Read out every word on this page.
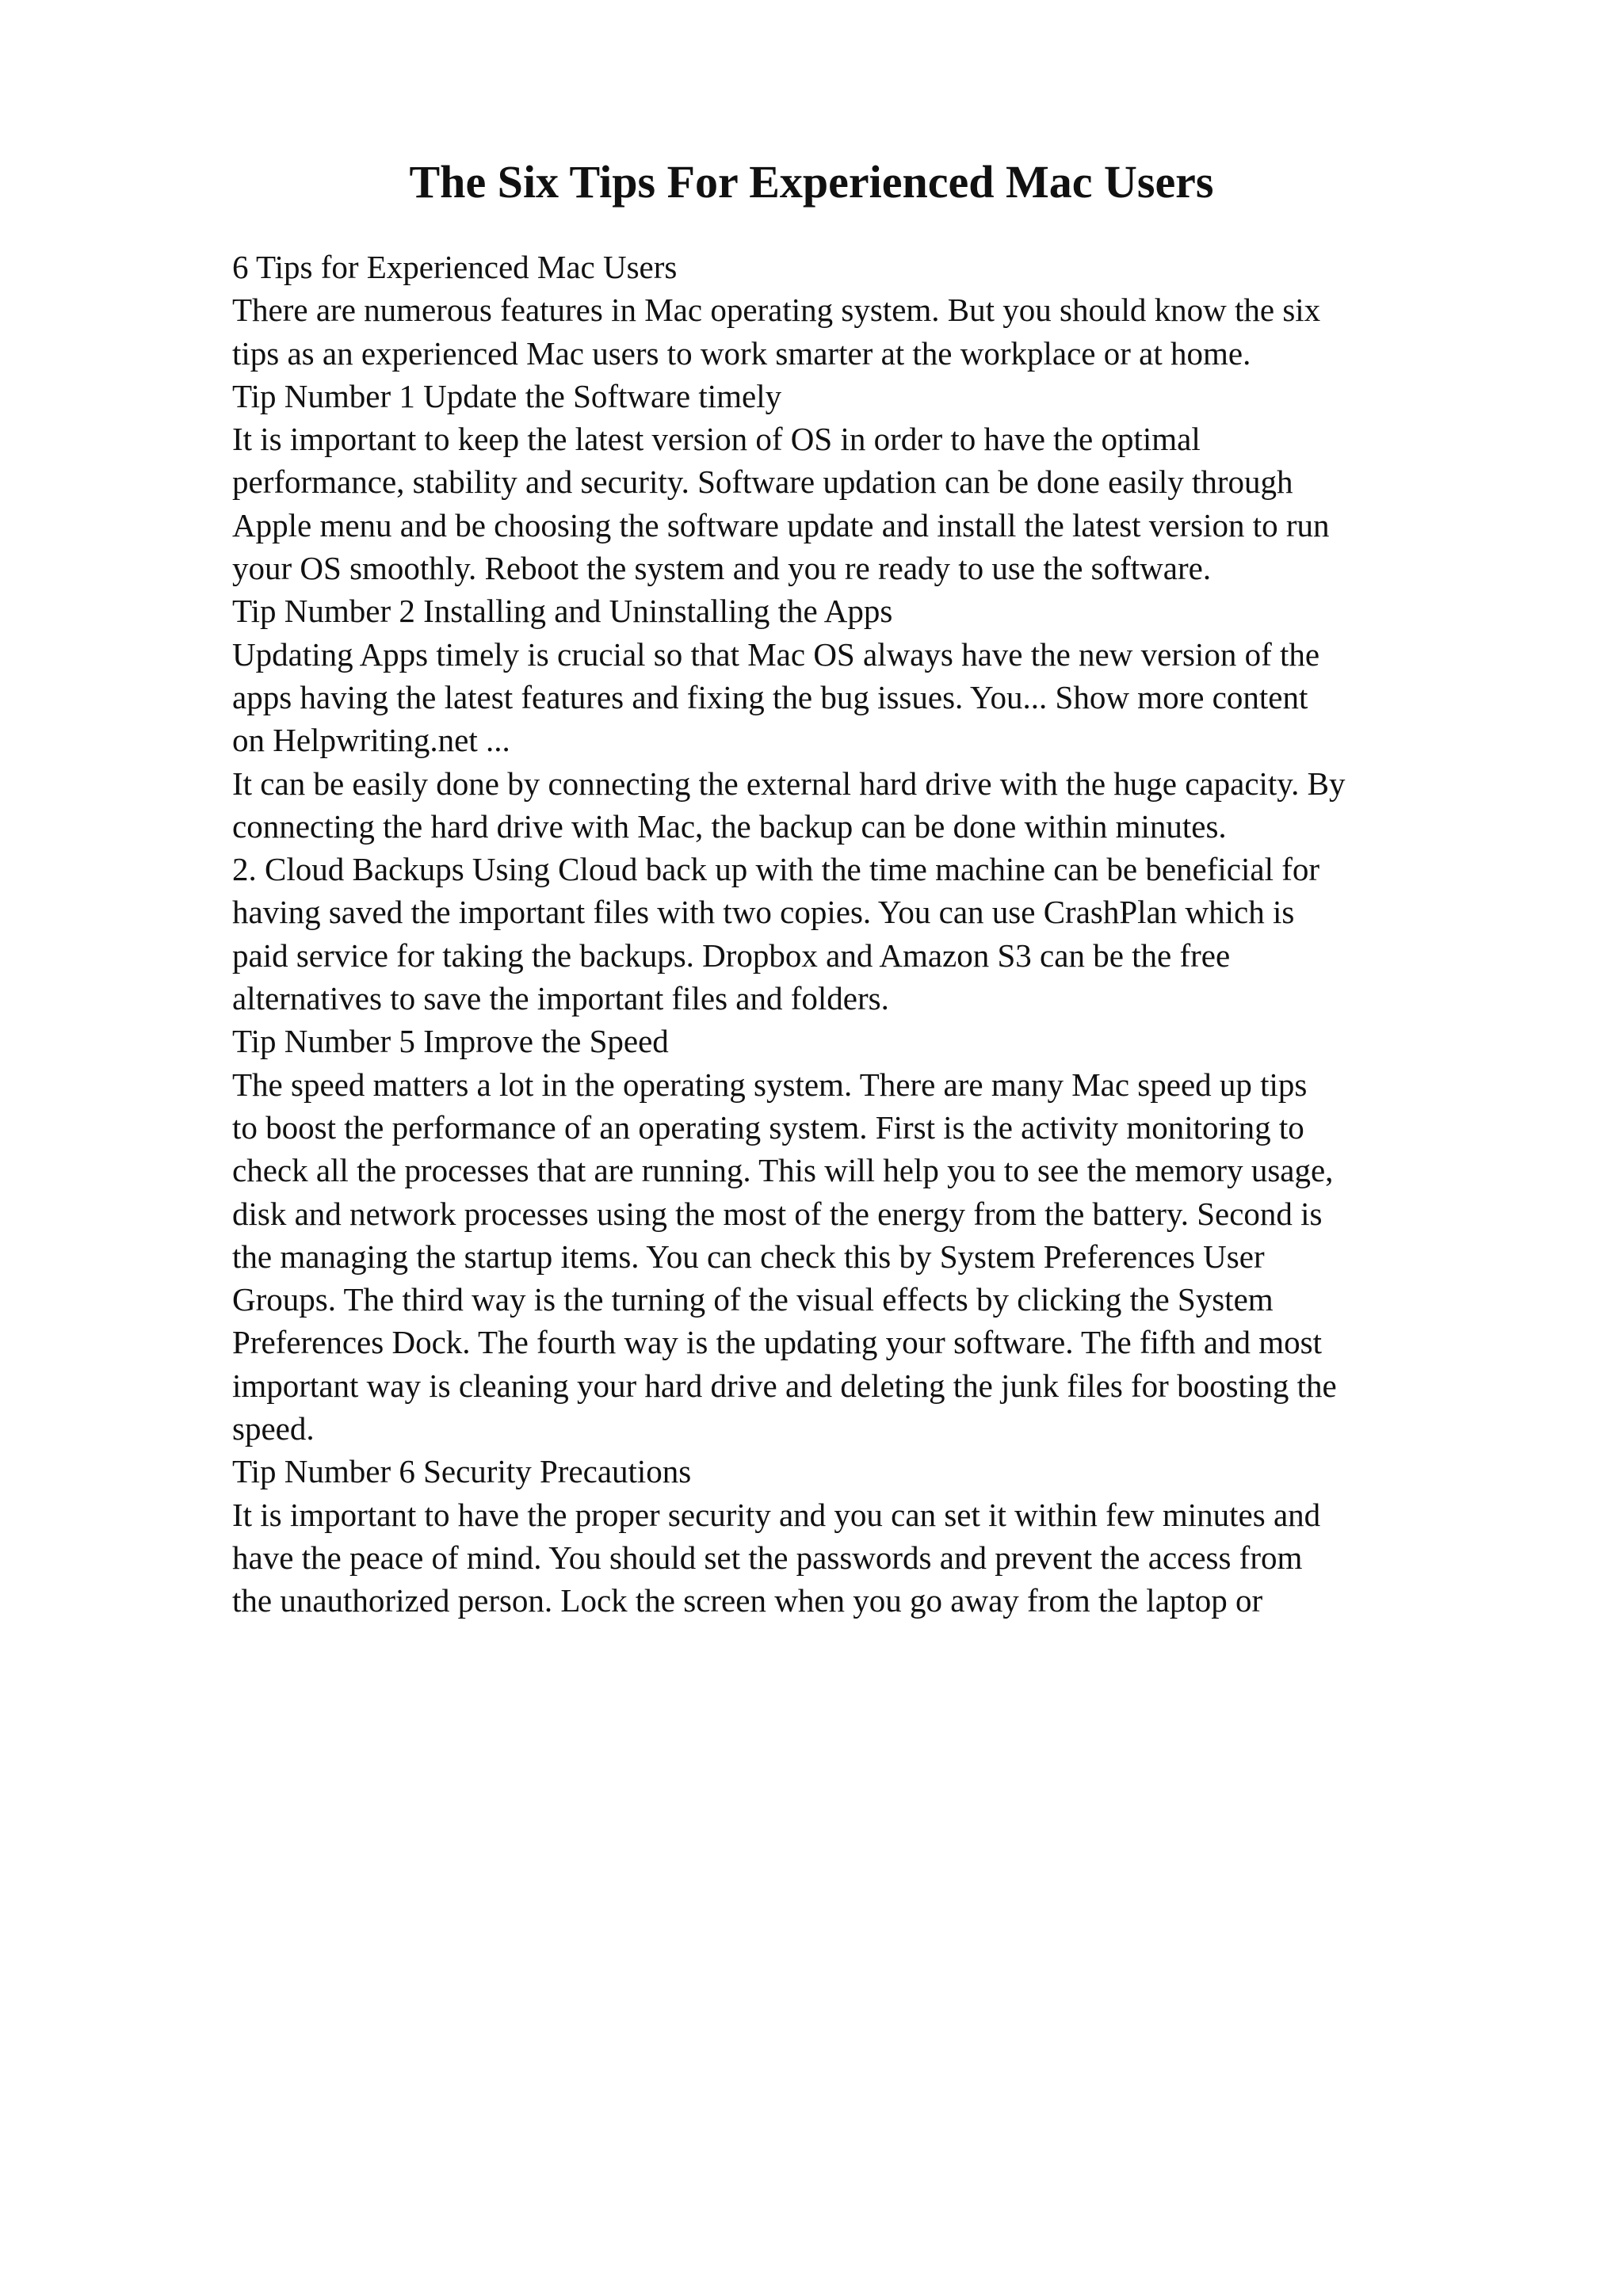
The Six Tips For Experienced Mac Users
6 Tips for Experienced Mac Users
There are numerous features in Mac operating system. But you should know the six
tips as an experienced Mac users to work smarter at the workplace or at home.
Tip Number 1 Update the Software timely
It is important to keep the latest version of OS in order to have the optimal
performance, stability and security. Software updation can be done easily through
Apple menu and be choosing the software update and install the latest version to run
your OS smoothly. Reboot the system and you re ready to use the software.
Tip Number 2 Installing and Uninstalling the Apps
Updating Apps timely is crucial so that Mac OS always have the new version of the
apps having the latest features and fixing the bug issues. You... Show more content
on Helpwriting.net ...
It can be easily done by connecting the external hard drive with the huge capacity. By
connecting the hard drive with Mac, the backup can be done within minutes.
2. Cloud Backups Using Cloud back up with the time machine can be beneficial for
having saved the important files with two copies. You can use CrashPlan which is
paid service for taking the backups. Dropbox and Amazon S3 can be the free
alternatives to save the important files and folders.
Tip Number 5 Improve the Speed
The speed matters a lot in the operating system. There are many Mac speed up tips
to boost the performance of an operating system. First is the activity monitoring to
check all the processes that are running. This will help you to see the memory usage,
disk and network processes using the most of the energy from the battery. Second is
the managing the startup items. You can check this by System Preferences User
Groups. The third way is the turning of the visual effects by clicking the System
Preferences Dock. The fourth way is the updating your software. The fifth and most
important way is cleaning your hard drive and deleting the junk files for boosting the
speed.
Tip Number 6 Security Precautions
It is important to have the proper security and you can set it within few minutes and
have the peace of mind. You should set the passwords and prevent the access from
the unauthorized person. Lock the screen when you go away from the laptop or
